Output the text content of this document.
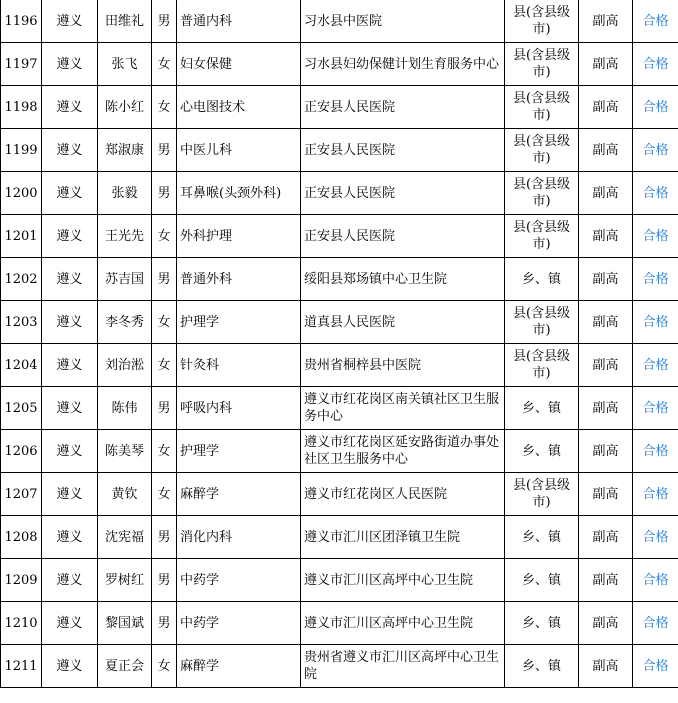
1196	遵义	田维礼	男	普通内科	习水县中医院	县(含县级市)	副高	合格
1197	遵义	张飞	女	妇女保健	习水县妇幼保健计划生育服务中心	县(含县级市)	副高	合格
1198	遵义	陈小红	女	心电图技术	正安县人民医院	县(含县级市)	副高	合格
1199	遵义	郑淑康	男	中医儿科	正安县人民医院	县(含县级市)	副高	合格
1200	遵义	张毅	男	耳鼻喉(头颈外科)	正安县人民医院	县(含县级市)	副高	合格
1201	遵义	王光先	女	外科护理	正安县人民医院	县(含县级市)	副高	合格
1202	遵义	苏吉国	男	普通外科	绥阳县郑场镇中心卫生院	乡、镇	副高	合格
1203	遵义	李冬秀	女	护理学	道真县人民医院	县(含县级市)	副高	合格
1204	遵义	刘治淞	女	针灸科	贵州省桐梓县中医院	县(含县级市)	副高	合格
1205	遵义	陈伟	男	呼吸内科	遵义市红花岗区南关镇社区卫生服务中心	乡、镇	副高	合格
1206	遵义	陈美琴	女	护理学	遵义市红花岗区延安路街道办事处社区卫生服务中心	乡、镇	副高	合格
1207	遵义	黄钦	女	麻醉学	遵义市红花岗区人民医院	县(含县级市)	副高	合格
1208	遵义	沈宪福	男	消化内科	遵义市汇川区团泽镇卫生院	乡、镇	副高	合格
1209	遵义	罗树红	男	中药学	遵义市汇川区高坪中心卫生院	乡、镇	副高	合格
1210	遵义	黎国斌	男	中药学	遵义市汇川区高坪中心卫生院	乡、镇	副高	合格
1211	遵义	夏正会	女	麻醉学	贵州省遵义市汇川区高坪中心卫生院	乡、镇	副高	合格
